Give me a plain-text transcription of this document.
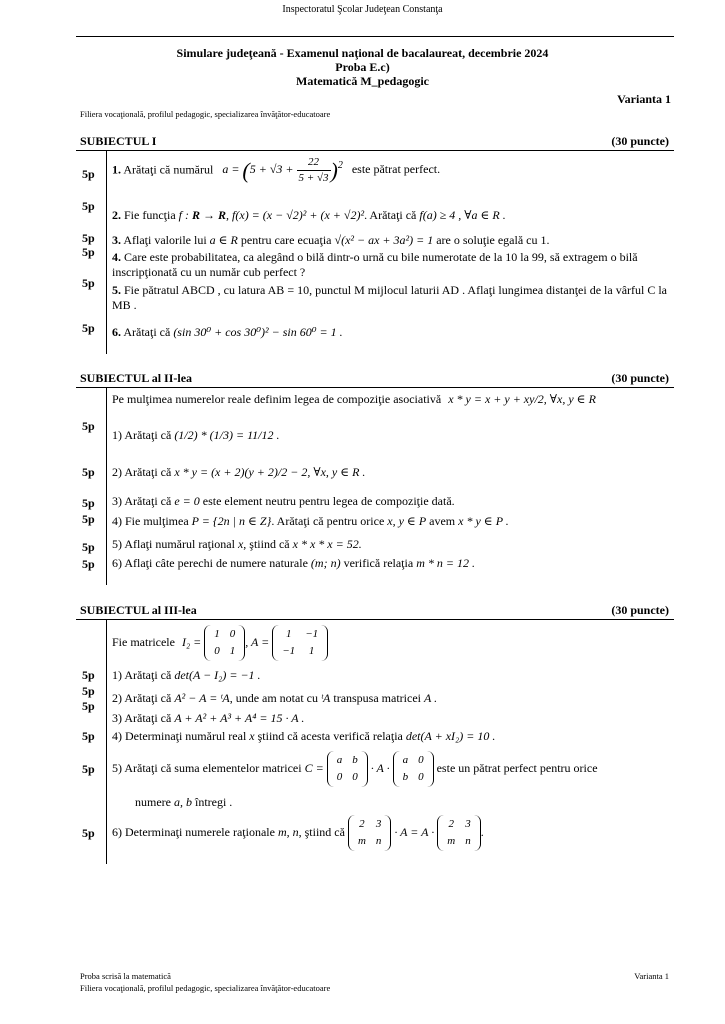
Inspectoratul Şcolar Judeţean Constanţa
Simulare judeţeană - Examenul naţional de bacalaureat, decembrie 2024
Proba E.c)
Matematică M_pedagogic
Varianta 1
Filiera vocaţională, profilul pedagogic, specializarea învăţător-educatoare
SUBIECTUL I	(30 puncte)
5p 1. Arătaţi că numărul $a = (5 + √3 + \frac{22}{5 + √3} )^2$ este pătrat perfect.
5p
2. Fie funcţia f : R → R, f(x) = (x − √2)² + (x + √2)². Arătaţi că f(a) ≥ 4 , ∀a ∈ R .
5p 3. Aflaţi valorile lui a ∈ R pentru care ecuaţia √(x² − ax + 3a²) = 1 are o soluţie egală cu 1.
5p 4. Care este probabilitatea, ca alegând o bilă dintr-o urnă cu bile numerotate de la 10 la 99, să extragem o bilă inscripţionată cu un număr cub perfect ?
5p 5. Fie pătratul ABCD , cu latura AB = 10, punctul M mijlocul laturii AD . Aflaţi lungimea distanţei de la vârful C la MB .
5p 6. Arătaţi că (sin 30⁰ + cos 30⁰)² − sin 60⁰ = 1 .
SUBIECTUL al II-lea	(30 puncte)
Pe mulţimea numerelor reale definim legea de compoziţie asociativă x * y = x + y + xy/2, ∀x, y ∈ R
5p
1) Arătaţi că (1/2) * (1/3) = 11/12 .
5p 2) Arătaţi că x * y = (x + 2)(y + 2)/2 − 2, ∀x, y ∈ R .
5p 3) Arătaţi că e = 0 este element neutru pentru legea de compoziţie dată.
5p 4) Fie mulţimea P = {2n | n ∈ Z}. Arătaţi că pentru orice x, y ∈ P avem x * y ∈ P .
5p 5) Aflaţi numărul raţional x, ştiind că x * x * x = 52.
5p 6) Aflaţi câte perechi de numere naturale (m; n) verifică relaţia m * n = 12 .
SUBIECTUL al III-lea	(30 puncte)
Fie matricele I₂ =
1	0
0	1
, A =
1	−1
−1	1
5p 1) Arătaţi că det(A − I₂) = −1 .
5p 2) Arătaţi că A² − A = ᵗA, unde am notat cu ᵗA transpusa matricei A .
5p
3) Arătaţi că A + A² + A³ + A⁴ = 15 · A .
5p 4) Determinaţi numărul real x ştiind că acesta verifică relaţia det(A + xI₂) = 10 .
5p 5) Arătaţi că suma elementelor matricei C =
a	b
0	0
· A ·
a	0
b	0
este un pătrat perfect pentru orice
numere a, b întregi .
5p 6) Determinaţi numerele raţionale m, n, ştiind că
2	3
m	n
· A = A ·
2	3
m	n
.
Proba scrisă la matematică
Filiera vocaţională, profilul pedagogic, specializarea învăţător-educatoare
Varianta 1
